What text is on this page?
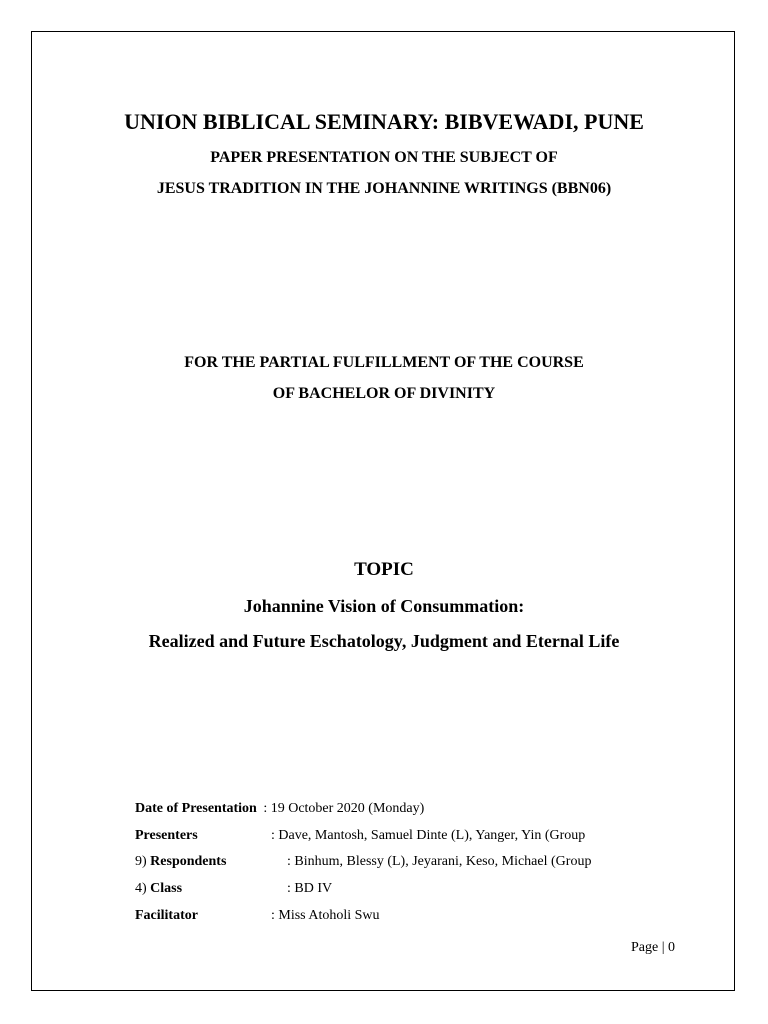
UNION BIBLICAL SEMINARY: BIBVEWADI, PUNE
PAPER PRESENTATION ON THE SUBJECT OF
JESUS TRADITION IN THE JOHANNINE WRITINGS (BBN06)
FOR THE PARTIAL FULFILLMENT OF THE COURSE
OF BACHELOR OF DIVINITY
TOPIC
Johannine Vision of Consummation:
Realized and Future Eschatology, Judgment and Eternal Life
Date of Presentation : 19 October 2020 (Monday)
Presenters	: Dave, Mantosh, Samuel Dinte (L), Yanger, Yin (Group
9) Respondents	: Binhum, Blessy (L), Jeyarani, Keso, Michael (Group
4) Class	: BD IV
Facilitator	: Miss Atoholi Swu
Page | 0
